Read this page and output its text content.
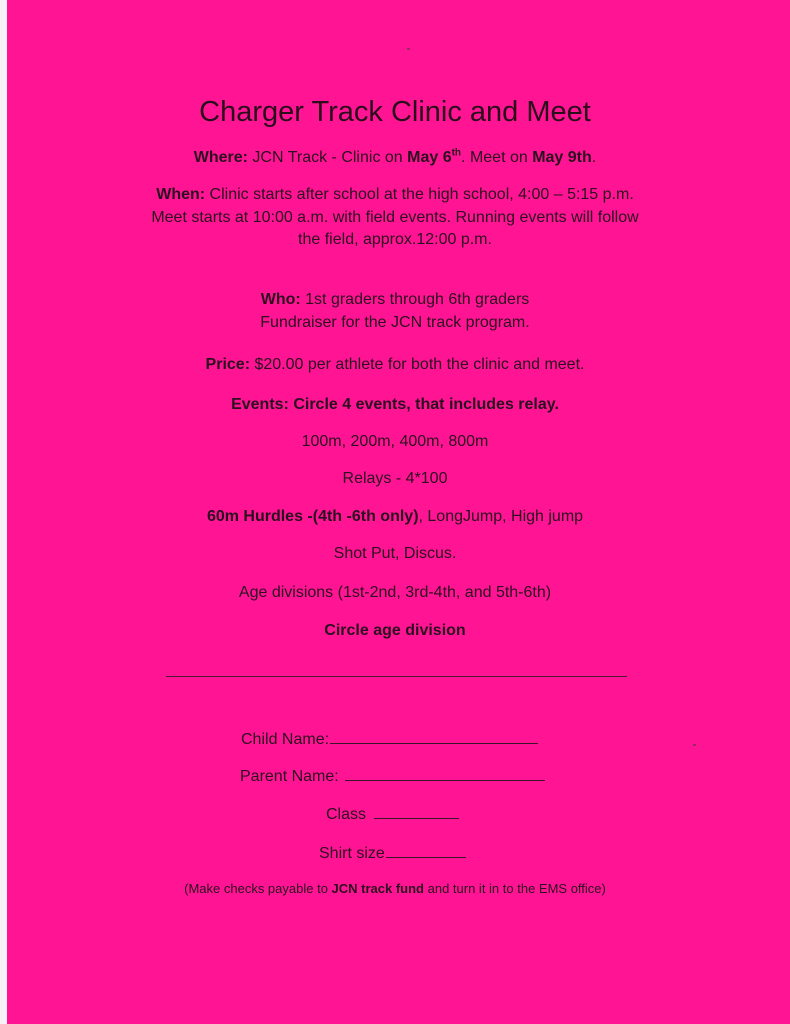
Charger Track Clinic and Meet
Where: JCN Track - Clinic on May 6th. Meet on May 9th.
When: Clinic starts after school at the high school, 4:00 – 5:15 p.m.
Meet starts at 10:00 a.m. with field events. Running events will follow
the field, approx.12:00 p.m.
Who: 1st graders through 6th graders
Fundraiser for the JCN track program.
Price: $20.00 per athlete for both the clinic and meet.
Events: Circle 4 events, that includes relay.
100m, 200m, 400m, 800m
Relays - 4*100
60m Hurdles -(4th -6th only), LongJump, High jump
Shot Put, Discus.
Age divisions (1st-2nd, 3rd-4th, and 5th-6th)
Circle age division
Child Name:
Parent Name:
Class
Shirt size
(Make checks payable to JCN track fund and turn it in to the EMS office)
